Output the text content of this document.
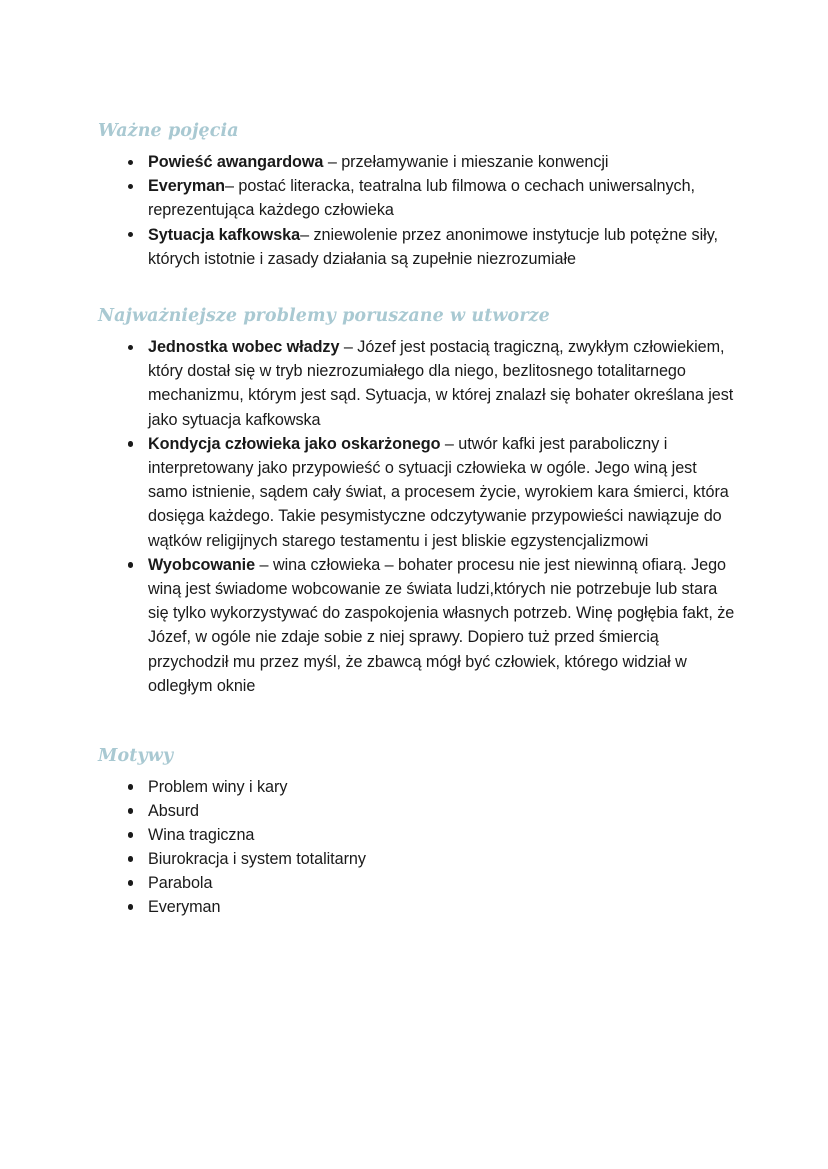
Ważne pojęcia
Powieść awangardowa – przełamywanie i mieszanie konwencji
Everyman– postać literacka, teatralna lub filmowa o cechach uniwersalnych, reprezentująca każdego człowieka
Sytuacja kafkowska– zniewolenie przez anonimowe instytucje lub potężne siły, których istotnie i zasady działania są zupełnie niezrozumiałe
Najważniejsze problemy poruszane w utworze
Jednostka wobec władzy – Józef jest postacią tragiczną, zwykłym człowiekiem, który dostał się w tryb niezrozumiałego dla niego, bezlitosnego totalitarnego mechanizmu, którym jest sąd. Sytuacja, w której znalazł się bohater określana jest jako sytuacja kafkowska
Kondycja człowieka jako oskarżonego – utwór kafki jest paraboliczny i interpretowany jako przypowieść o sytuacji człowieka w ogóle. Jego winą jest samo istnienie, sądem cały świat, a procesem życie, wyrokiem kara śmierci, która dosięga każdego. Takie pesymistyczne odczytywanie przypowieści nawiązuje do wątków religijnych starego testamentu i jest bliskie egzystencjalizmowi
Wyobcowanie – wina człowieka – bohater procesu nie jest niewinną ofiarą. Jego winą jest świadome wobcowanie ze świata ludzi,których nie potrzebuje lub stara się tylko wykorzystywać do zaspokojenia własnych potrzeb. Winę pogłębia fakt, że Józef, w ogóle nie zdaje sobie z niej sprawy. Dopiero tuż przed śmiercią przychodził mu przez myśl, że zbawcą mógł być człowiek, którego widział w odległym oknie
Motywy
Problem winy i kary
Absurd
Wina tragiczna
Biurokracja i system totalitarny
Parabola
Everyman
